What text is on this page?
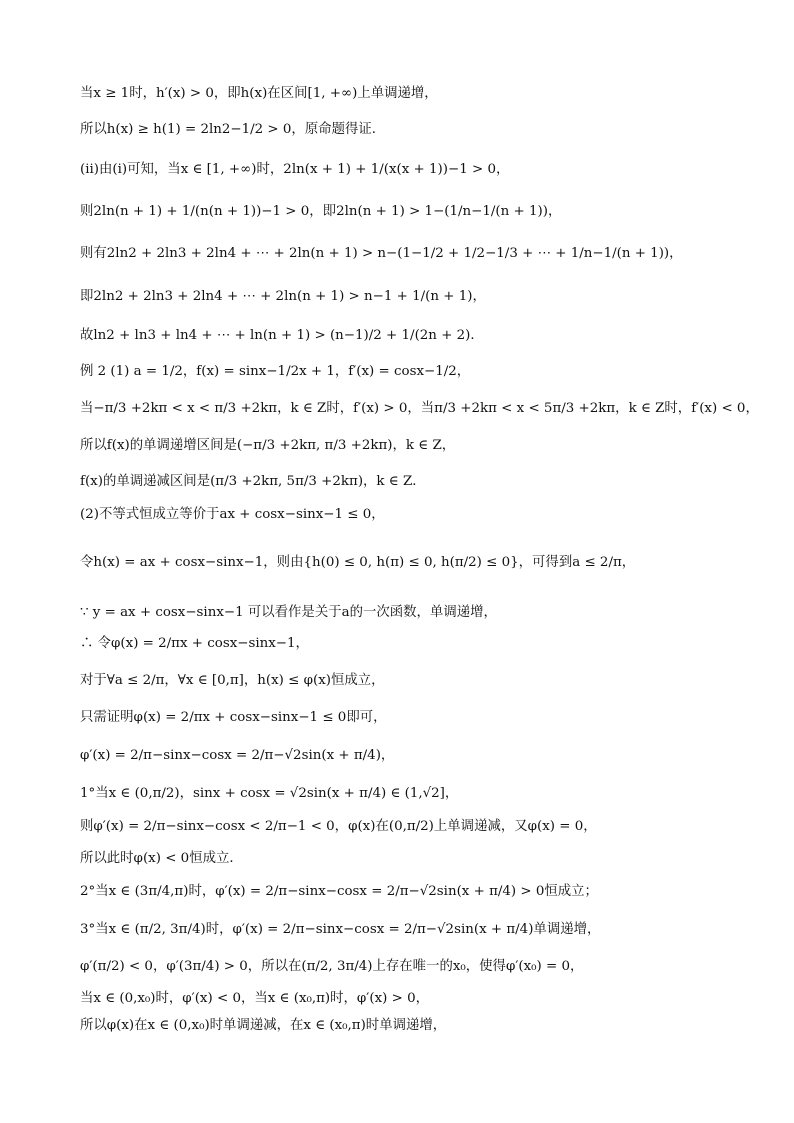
当x ≥ 1时，h′(x) > 0，即h(x)在区间[1, +∞)上单调递增，
所以h(x) ≥ h(1) = 2ln2−1/2 > 0，原命题得证．
(ii)由(i)可知，当x ∈ [1, +∞)时，2ln(x + 1) + 1/(x(x + 1))−1 > 0，
则2ln(n + 1) + 1/(n(n + 1))−1 > 0，即2ln(n + 1) > 1−(1/n−1/(n + 1))，
则有2ln2 + 2ln3 + 2ln4 + ⋯ + 2ln(n + 1) > n−(1−1/2 + 1/2−1/3 + ⋯ + 1/n−1/(n + 1))，
即2ln2 + 2ln3 + 2ln4 + ⋯ + 2ln(n + 1) > n−1 + 1/(n + 1)，
故ln2 + ln3 + ln4 + ⋯ + ln(n + 1) > (n−1)/2 + 1/(2n + 2)．
例 2 (1) a = 1/2，f(x) = sinx−1/2x + 1，f′(x) = cosx−1/2，
当−π/3 +2kπ < x < π/3 +2kπ，k ∈ Z时，f′(x) > 0，当π/3 +2kπ < x < 5π/3 +2kπ，k ∈ Z时，f′(x) < 0，
所以f(x)的单调递增区间是(−π/3 +2kπ, π/3 +2kπ)，k ∈ Z，
f(x)的单调递减区间是(π/3 +2kπ, 5π/3 +2kπ)，k ∈ Z．
(2)不等式恒成立等价于ax + cosx−sinx−1 ≤ 0，
令h(x) = ax + cosx−sinx−1，则由{h(0) ≤ 0, h(π) ≤ 0, h(π/2) ≤ 0}，可得到a ≤ 2/π，
∵ y = ax + cosx−sinx−1 可以看作是关于a的一次函数，单调递增，
∴ 令φ(x) = 2/πx + cosx−sinx−1，
对于∀a ≤ 2/π，∀x ∈ [0,π]，h(x) ≤ φ(x)恒成立，
只需证明φ(x) = 2/πx + cosx−sinx−1 ≤ 0即可，
φ′(x) = 2/π−sinx−cosx = 2/π−√2sin(x + π/4)，
1°当x ∈ (0,π/2)，sinx + cosx = √2sin(x + π/4) ∈ (1,√2]，
则φ′(x) = 2/π−sinx−cosx < 2/π−1 < 0，φ(x)在(0,π/2)上单调递减，又φ(x) = 0，
所以此时φ(x) < 0恒成立．
2°当x ∈ (3π/4,π)时，φ′(x) = 2/π−sinx−cosx = 2/π−√2sin(x + π/4) > 0恒成立；
3°当x ∈ (π/2, 3π/4)时，φ′(x) = 2/π−sinx−cosx = 2/π−√2sin(x + π/4)单调递增，
φ′(π/2) < 0，φ′(3π/4) > 0，所以在(π/2, 3π/4)上存在唯一的x₀，使得φ′(x₀) = 0，
当x ∈ (0,x₀)时，φ′(x) < 0，当x ∈ (x₀,π)时，φ′(x) > 0，
所以φ(x)在x ∈ (0,x₀)时单调递减，在x ∈ (x₀,π)时单调递增，
